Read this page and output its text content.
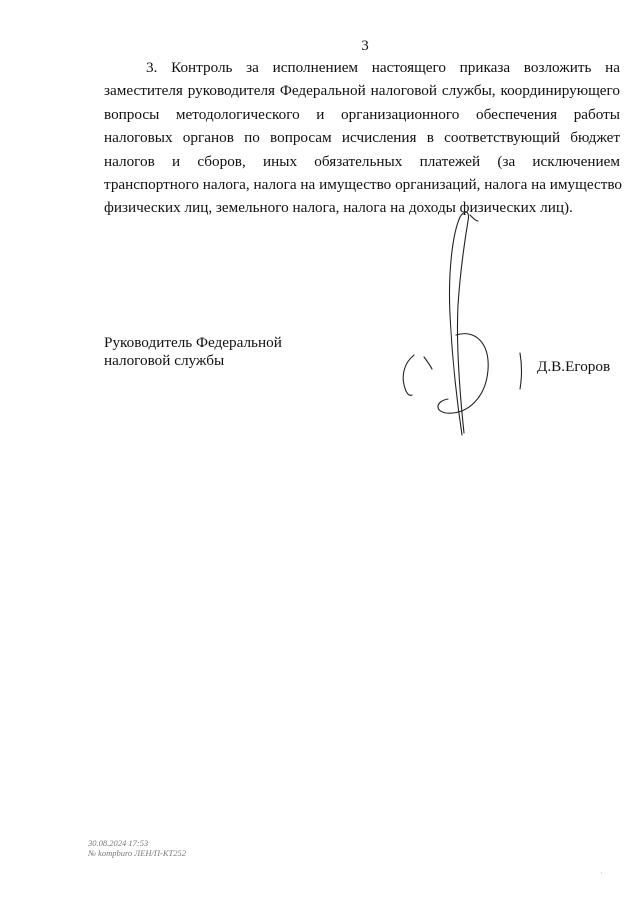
3
3. Контроль за исполнением настоящего приказа возложить на
заместителя руководителя Федеральной налоговой службы, координирующего
вопросы методологического и организационного обеспечения работы
налоговых органов по вопросам исчисления в соответствующий бюджет
налогов и сборов, иных обязательных платежей (за исключением
транспортного налога, налога на имущество организаций, налога на имущество
физических лиц, земельного налога, налога на доходы физических лиц).
Руководитель Федеральной
налоговой службы	Д.В.Егоров
30.08.2024 17:53
№ kompburo ЛЕН/П-КТ252
·
